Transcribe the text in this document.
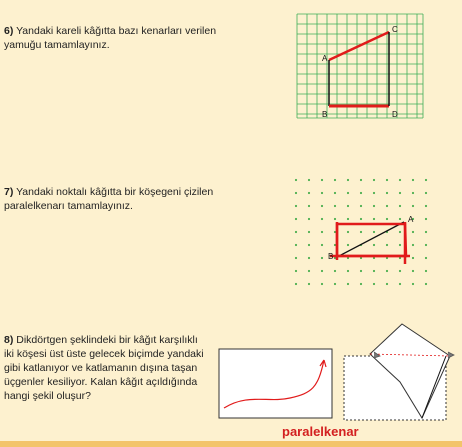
6) Yandaki kareli kâğıtta bazı kenarları verilen yamuğu tamamlayınız.
A
B
C
D
7) Yandaki noktalı kâğıtta bir köşegeni çizilen paralelkenarı tamamlayınız.
A
B
8) Dikdörtgen şeklindeki bir kâğıt karşılıklı iki köşesi üst üste gelecek biçimde yandaki gibi katlanıyor ve katlamanın dışına taşan üçgenler kesiliyor. Kalan kâğıt açıldığında hangi şekil oluşur?
paralelkenar
